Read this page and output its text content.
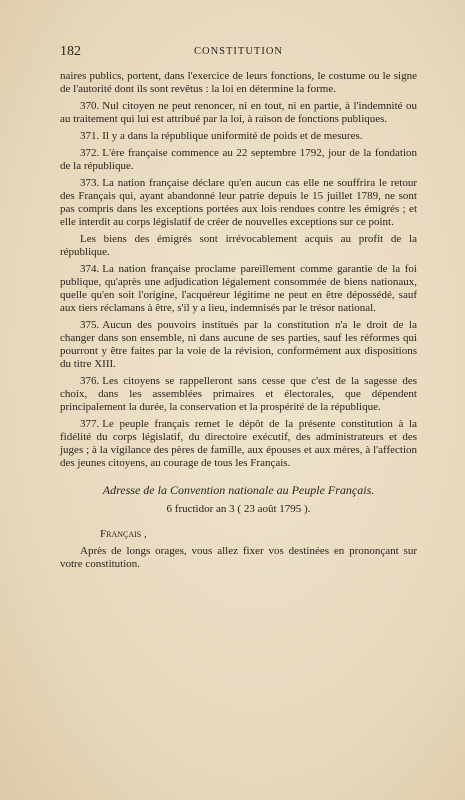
182	CONSTITUTION

naires publics, portent, dans l'exercice de leurs fonctions, le costume ou le signe de l'autorité dont ils sont revêtus : la loi en détermine la forme.

370. Nul citoyen ne peut renoncer, ni en tout, ni en partie, à l'indemnité ou au traitement qui lui est attribué par la loi, à raison de fonctions publiques.

371. Il y a dans la république uniformité de poids et de mesures.

372. L'ère française commence au 22 septembre 1792, jour de la fondation de la république.

373. La nation française déclare qu'en aucun cas elle ne souffrira le retour des Français qui, ayant abandonné leur patrie depuis le 15 juillet 1789, ne sont pas compris dans les exceptions portées aux lois rendues contre les émigrés ; et elle interdit au corps législatif de créer de nouvelles exceptions sur ce point.

Les biens des émigrés sont irrévocablement acquis au profit de la république.

374. La nation française proclame pareillement comme garantie de la foi publique, qu'après une adjudication légalement consommée de biens nationaux, quelle qu'en soit l'origine, l'acquéreur légitime ne peut en être dépossédé, sauf aux tiers réclamans à être, s'il y a lieu, indemnisés par le trésor national.

375. Aucun des pouvoirs institués par la constitution n'a le droit de la changer dans son ensemble, ni dans aucune de ses parties, sauf les réformes qui pourront y être faites par la voie de la révision, conformément aux dispositions du titre XIII.

376. Les citoyens se rappelleront sans cesse que c'est de la sagesse des choix, dans les assemblées primaires et électorales, que dépendent principalement la durée, la conservation et la prospérité de la république.

377. Le peuple français remet le dépôt de la présente constitution à la fidélité du corps législatif, du directoire exécutif, des administrateurs et des juges ; à la vigilance des pères de famille, aux épouses et aux mères, à l'affection des jeunes citoyens, au courage de tous les Français.

Adresse de la Convention nationale au Peuple Français.
6 fructidor an 3 ( 23 août 1795 ).

Français ,

Après de longs orages, vous allez fixer vos destinées en prononçant sur votre constitution.
